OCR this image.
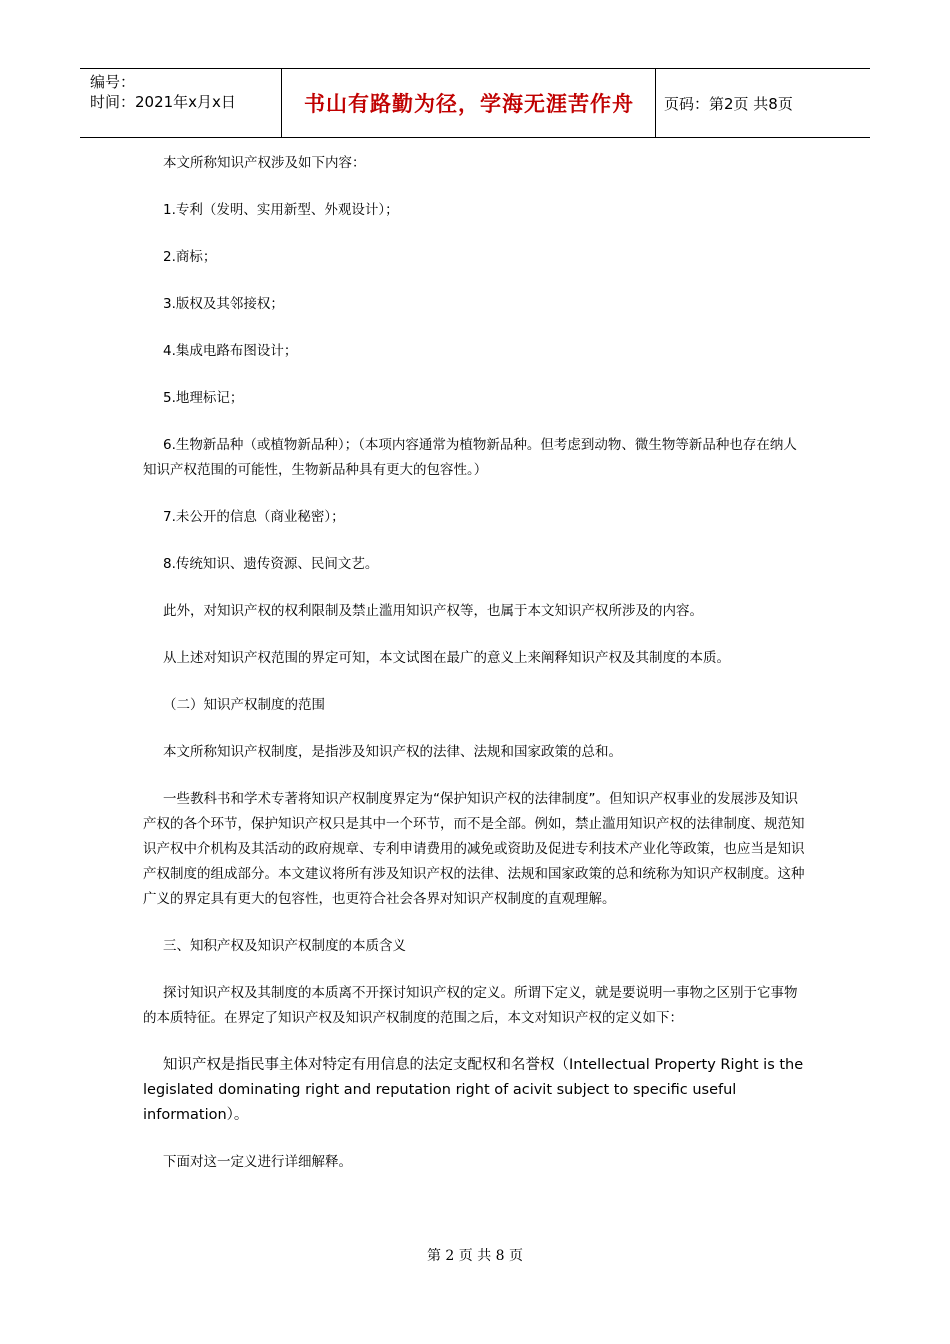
编号：
时间：2021年x月x日	书山有路勤为径，学海无涯苦作舟 页码：第2页 共8页

本文所称知识产权涉及如下内容：

1.专利（发明、实用新型、外观设计）；

2.商标；

3.版权及其邻接权；

4.集成电路布图设计；

5.地理标记；

6.生物新品种（或植物新品种）；（本项内容通常为植物新品种。但考虑到动物、微生物等新品种也存在纳人知识产权范围的可能性，生物新品种具有更大的包容性。）

7.未公开的信息（商业秘密）；

8.传统知识、遗传资源、民间文艺。

此外，对知识产权的权利限制及禁止滥用知识产权等，也属于本文知识产权所涉及的内容。

从上述对知识产权范围的界定可知，本文试图在最广的意义上来阐释知识产权及其制度的本质。

（二）知识产权制度的范围

本文所称知识产权制度，是指涉及知识产权的法律、法规和国家政策的总和。

一些教科书和学术专著将知识产权制度界定为“保护知识产权的法律制度”。但知识产权事业的发展涉及知识产权的各个环节，保护知识产权只是其中一个环节，而不是全部。例如，禁止滥用知识产权的法律制度、规范知识产权中介机构及其活动的政府规章、专利申请费用的减免或资助及促进专利技术产业化等政策，也应当是知识产权制度的组成部分。本文建议将所有涉及知识产权的法律、法规和国家政策的总和统称为知识产权制度。这种广义的界定具有更大的包容性，也更符合社会各界对知识产权制度的直观理解。

三、知积产权及知识产权制度的本质含义

探讨知识产权及其制度的本质离不开探讨知识产权的定义。所谓下定义，就是要说明一事物之区别于它事物的本质特征。在界定了知识产权及知识产权制度的范围之后，本文对知识产权的定义如下：

知识产权是指民事主体对特定有用信息的法定支配权和名誉权（Intellectual Property Right is the legislated dominating right and reputation right of acivit subject to specific useful information）。

下面对这一定义进行详细解释。

第 2 页 共 8 页
